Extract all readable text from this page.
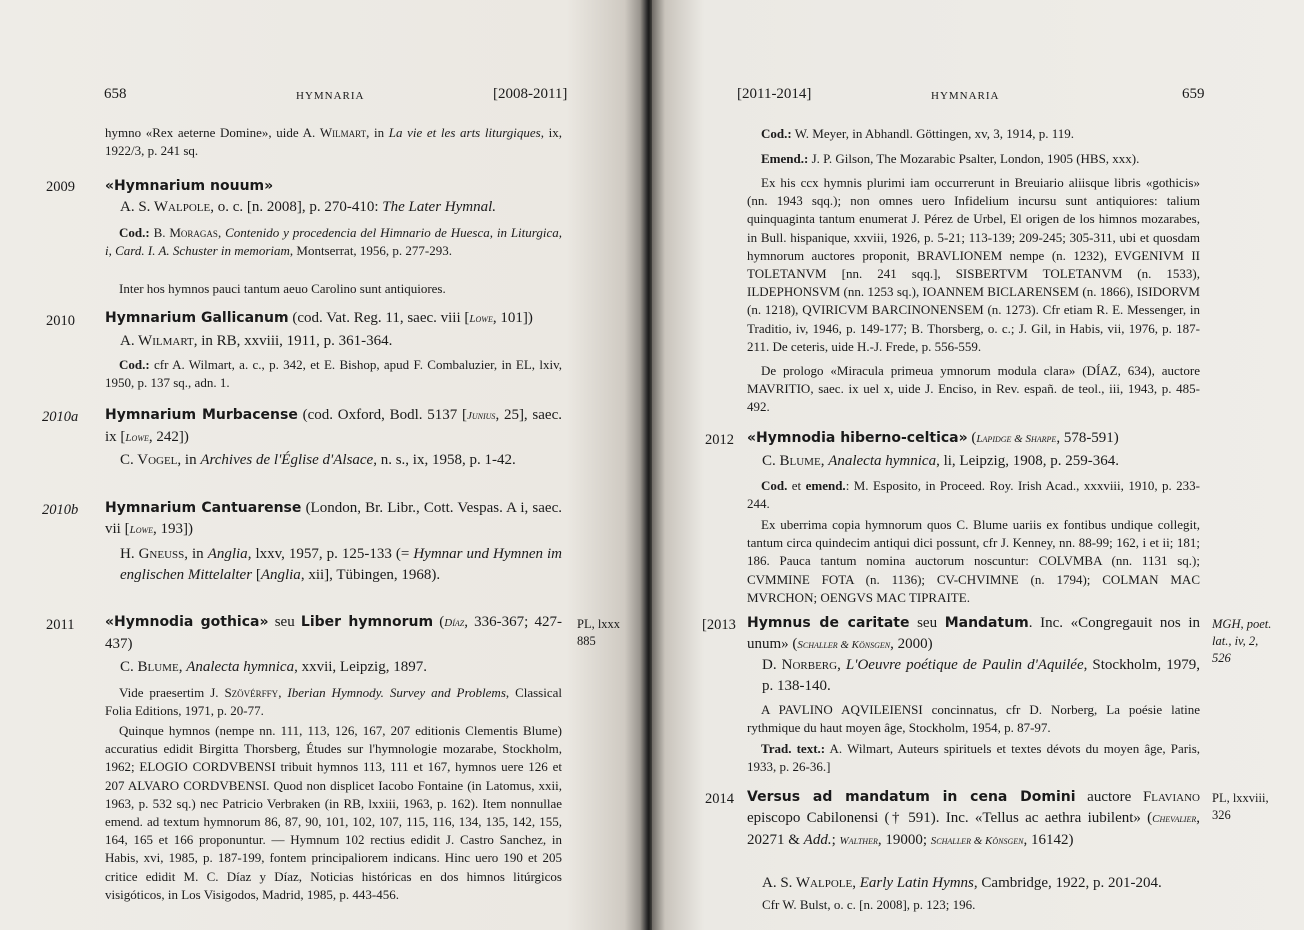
658	HYMNARIA	[2008-2011]

hymno «Rex aeterne Domine», uide A. Wilmart, in La vie et les arts liturgiques, ix, 1922/3, p. 241 sq.

2009 «Hymnarium nouum»

A. S. Walpole, o. c. [n. 2008], p. 270-410: The Later Hymnal.

Cod.: B. Moragas, Contenido y procedencia del Himnario de Huesca, in Liturgica, i, Card. I. A. Schuster in memoriam, Montserrat, 1956, p. 277-293.

Inter hos hymnos pauci tantum aeuo Carolino sunt antiquiores.

2010 Hymnarium Gallicanum (cod. Vat. Reg. 11, saec. viii [Lowe, 101])

A. Wilmart, in RB, xxviii, 1911, p. 361-364.

Cod.: cfr A. Wilmart, a. c., p. 342, et E. Bishop, apud F. Combaluzier, in EL, lxiv, 1950, p. 137 sq., adn. 1.

2010a Hymnarium Murbacense (cod. Oxford, Bodl. 5137 [Junius, 25], saec. ix [Lowe, 242])

C. Vogel, in Archives de l'Église d'Alsace, n. s., ix, 1958, p. 1-42.

2010b Hymnarium Cantuarense (London, Br. Libr., Cott. Vespas. A i, saec. vii [Lowe, 193])

H. Gneuss, in Anglia, lxxv, 1957, p. 125-133 (= Hymnar und Hymnen im englischen Mittelalter [Anglia, xii], Tübingen, 1968).

2011 «Hymnodia gothica» seu Liber hymnorum (Díaz, 336-367; 427-437)

PL, lxxx
885

C. Blume, Analecta hymnica, xxvii, Leipzig, 1897.

Vide praesertim J. Szövérffy, Iberian Hymnody. Survey and Problems, Classical Folia Editions, 1971, p. 20-77.

Quinque hymnos (nempe nn. 111, 113, 126, 167, 207 editionis Clementis Blume) accuratius edidit Birgitta Thorsberg, Études sur l'hymnologie mozarabe, Stockholm, 1962; ELOGIO CORDVBENSI tribuit hymnos 113, 111 et 167, hymnos uere 126 et 207 ALVARO CORDVBENSI. Quod non displicet Iacobo Fontaine (in Latomus, xxii, 1963, p. 532 sq.) nec Patricio Verbraken (in RB, lxxiii, 1963, p. 162). Item nonnullae emend. ad textum hymnorum 86, 87, 90, 101, 102, 107, 115, 116, 134, 135, 142, 155, 164, 165 et 166 proponuntur. — Hymnum 102 rectius edidit J. Castro Sanchez, in Habis, xvi, 1985, p. 187-199, fontem principaliorem indicans. Hinc uero 190 et 205 critice edidit M. C. Díaz y Díaz, Noticias históricas en dos himnos litúrgicos visigóticos, in Los Visigodos, Madrid, 1985, p. 443-456.

[2011-2014]	HYMNARIA	659

Cod.: W. Meyer, in Abhandl. Göttingen, xv, 3, 1914, p. 119.

Emend.: J. P. Gilson, The Mozarabic Psalter, London, 1905 (HBS, xxx).

Ex his ccx hymnis plurimi iam occurrerunt in Breuiario aliisque libris «gothicis» (nn. 1943 sqq.); non omnes uero Infidelium incursu sunt antiquiores: talium quinquaginta tantum enumerat J. Pérez de Urbel, El origen de los himnos mozarabes, in Bull. hispanique, xxviii, 1926, p. 5-21; 113-139; 209-245; 305-311, ubi et quosdam hymnorum auctores proponit, BRAVLIONEM nempe (n. 1232), EVGENIVM II TOLETANVM [nn. 241 sqq.], SISBERTVM TOLETANVM (n. 1533), ILDEPHONSVM (nn. 1253 sq.), IOANNEM BICLARENSEM (n. 1866), ISIDORVM (n. 1218), QVIRICVM BARCINONENSEM (n. 1273). Cfr etiam R. E. Messenger, in Traditio, iv, 1946, p. 149-177; B. Thorsberg, o. c.; J. Gil, in Habis, vii, 1976, p. 187-211. De ceteris, uide H.-J. Frede, p. 556-559.

De prologo «Miracula primeua ymnorum modula clara» (DÍAZ, 634), auctore MAVRITIO, saec. ix uel x, uide J. Enciso, in Rev. españ. de teol., iii, 1943, p. 485-492.

2012 «Hymnodia hiberno-celtica» (Lapidge & Sharpe, 578-591)

C. Blume, Analecta hymnica, li, Leipzig, 1908, p. 259-364.

Cod. et emend.: M. Esposito, in Proceed. Roy. Irish Acad., xxxviii, 1910, p. 233-244.

Ex uberrima copia hymnorum quos C. Blume uariis ex fontibus undique collegit, tantum circa quindecim antiqui dici possunt, cfr J. Kenney, nn. 88-99; 162, i et ii; 181; 186. Pauca tantum nomina auctorum noscuntur: COLVMBA (nn. 1131 sq.); CVMMINE FOTA (n. 1136); CV-CHVIMNE (n. 1794); COLMAN MAC MVRCHON; OENGVS MAC TIPRAITE.

[2013 Hymnus de caritate seu Mandatum. Inc. «Congregauit nos in unum» (Schaller & Könsgen, 2000)

MGH, poet.
lat., iv, 2,
526

D. Norberg, L'Oeuvre poétique de Paulin d'Aquilée, Stockholm, 1979, p. 138-140.

A PAVLINO AQVILEIENSI concinnatus, cfr D. Norberg, La poésie latine rythmique du haut moyen âge, Stockholm, 1954, p. 87-97.

Trad. text.: A. Wilmart, Auteurs spirituels et textes dévots du moyen âge, Paris, 1933, p. 26-36.]

2014 Versus ad mandatum in cena Domini auctore Flaviano episcopo Cabilonensi († 591). Inc. «Tellus ac aethra iubilent» (Chevalier, 20271 & Add.; Walther, 19000; Schaller & Könsgen, 16142)

PL, lxxviii,
326

A. S. Walpole, Early Latin Hymns, Cambridge, 1922, p. 201-204.

Cfr W. Bulst, o. c. [n. 2008], p. 123; 196.
